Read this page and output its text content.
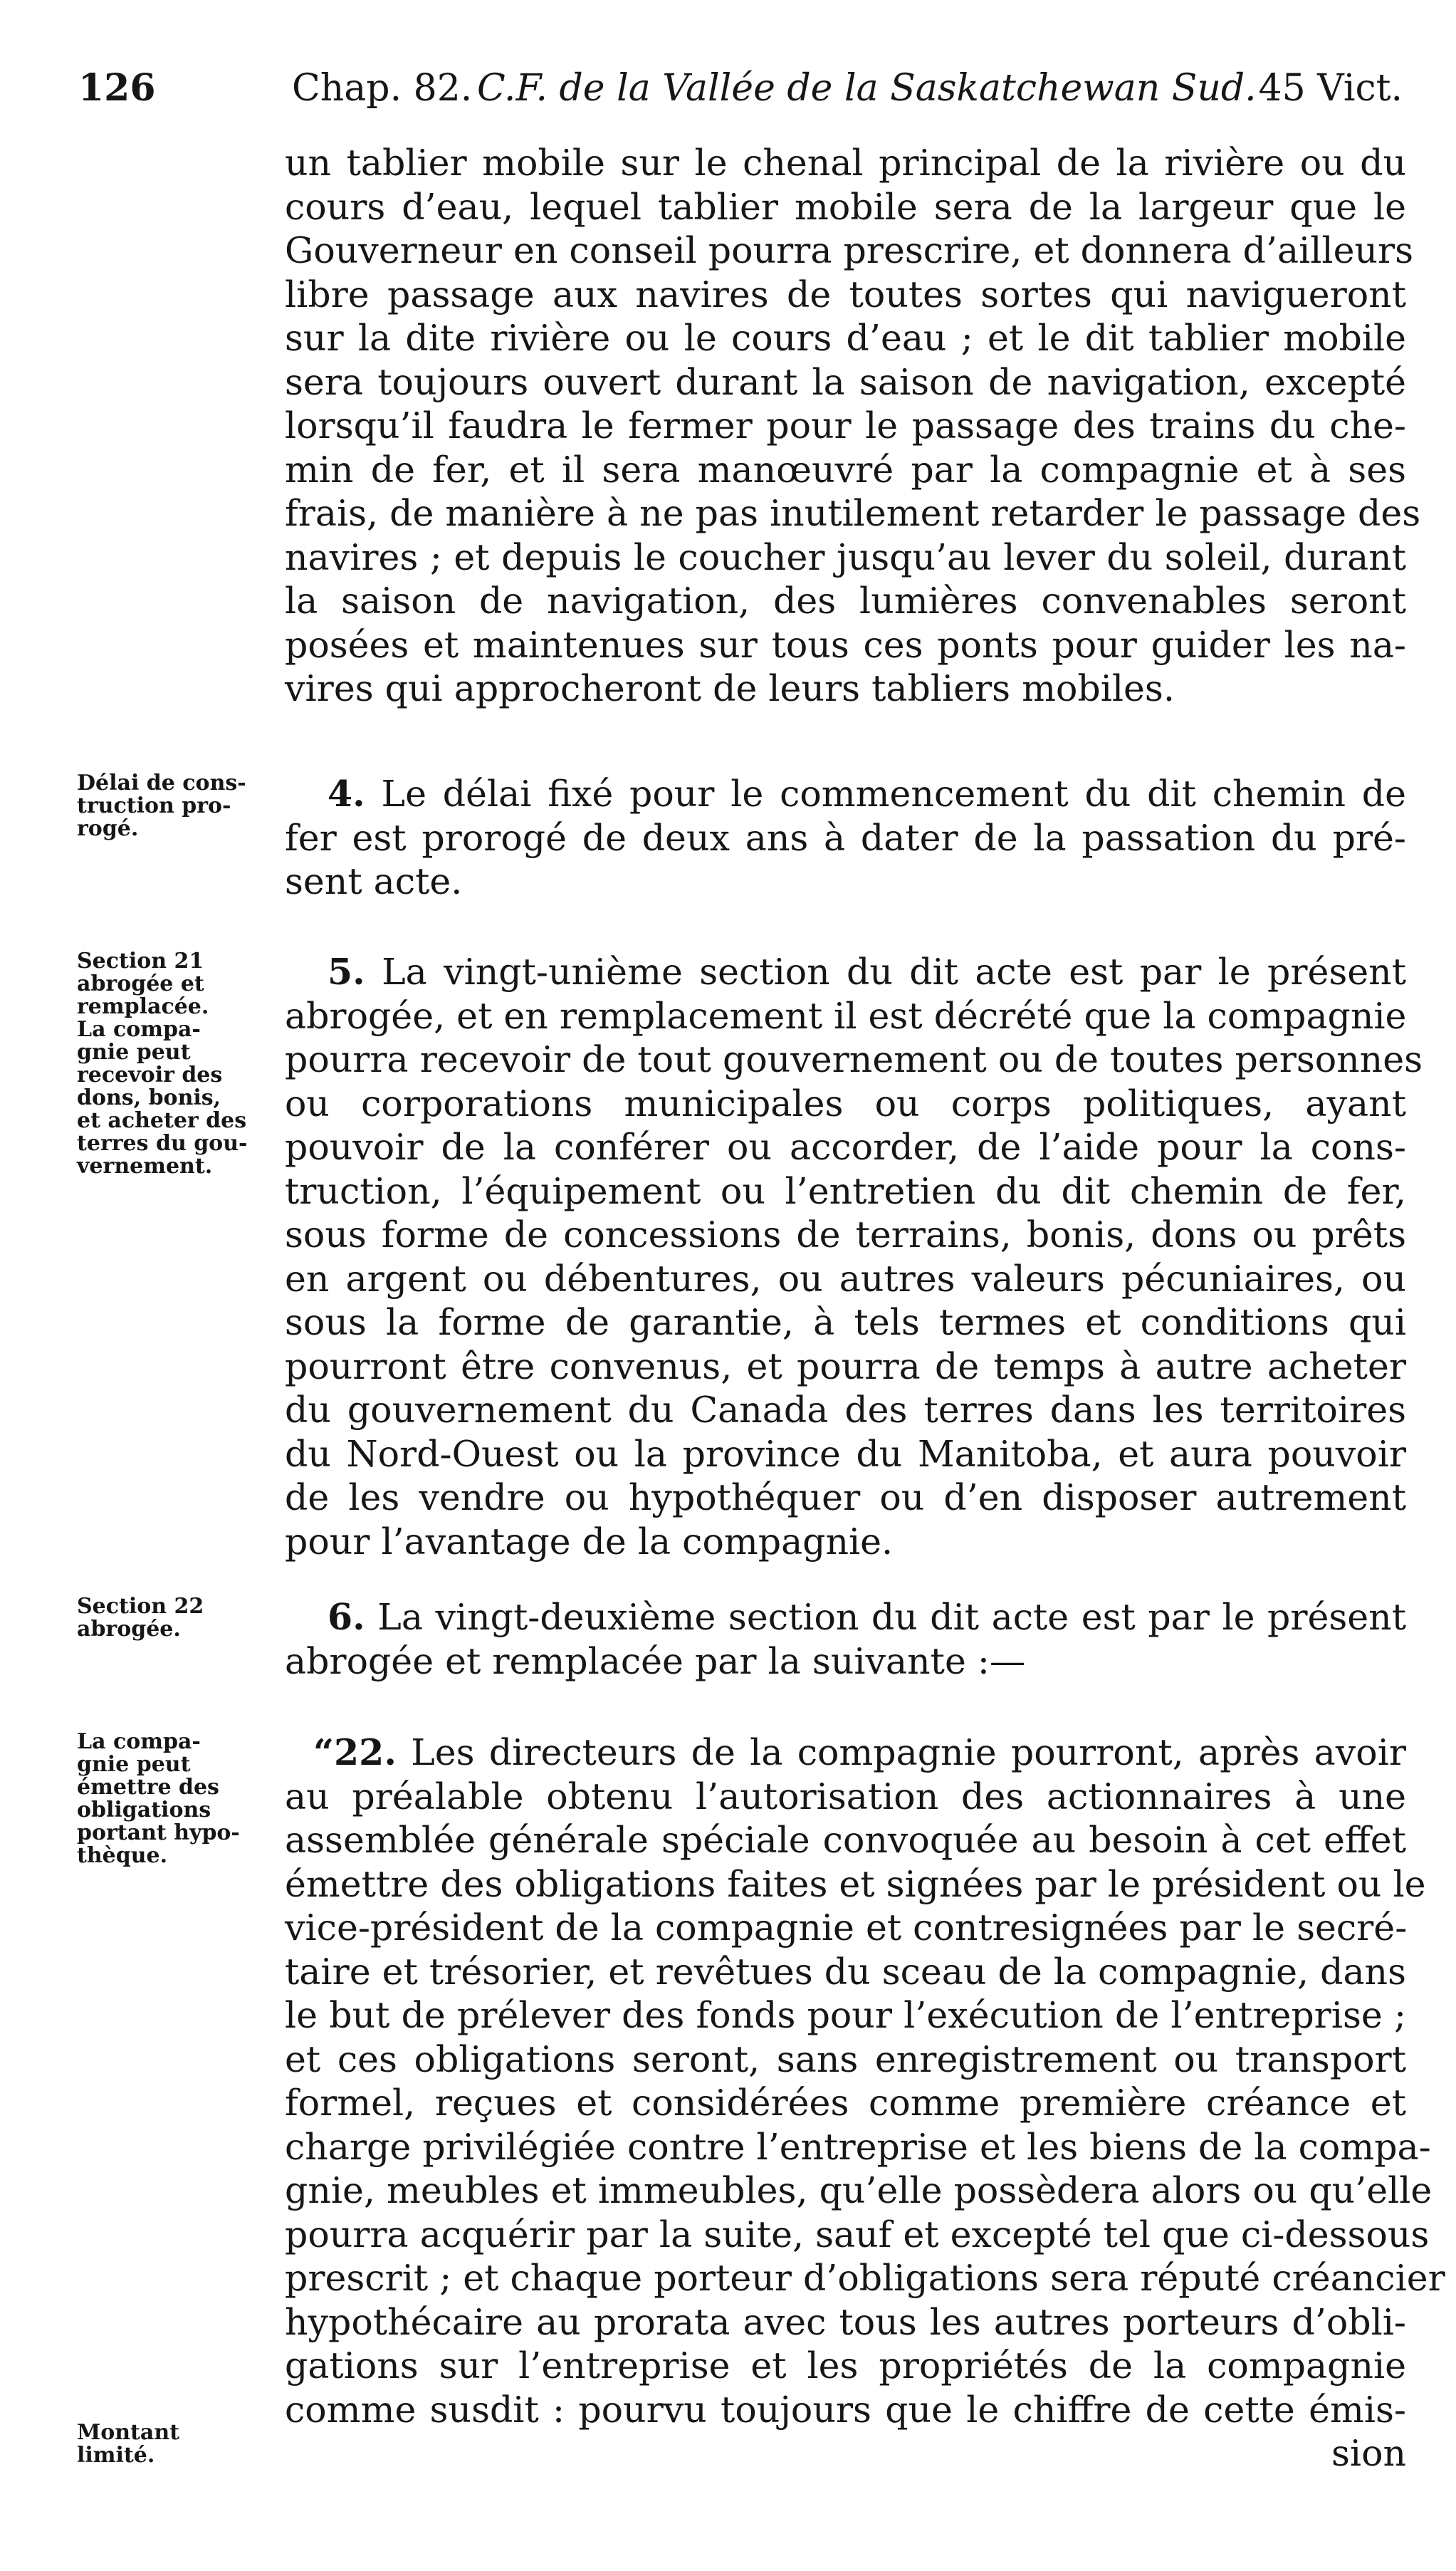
126	Chap. 82. C.F. de la Vallée de la Saskatchewan Sud. 45 Vict.
un tablier mobile sur le chenal principal de la rivière ou du
cours d’eau, lequel tablier mobile sera de la largeur que le
Gouverneur en conseil pourra prescrire, et donnera d’ailleurs
libre passage aux navires de toutes sortes qui navigueront
sur la dite rivière ou le cours d’eau ; et le dit tablier mobile
sera toujours ouvert durant la saison de navigation, excepté
lorsqu’il faudra le fermer pour le passage des trains du che-
min de fer, et il sera manœuvré par la compagnie et à ses
frais, de manière à ne pas inutilement retarder le passage des
navires ; et depuis le coucher jusqu’au lever du soleil, durant
la saison de navigation, des lumières convenables seront
posées et maintenues sur tous ces ponts pour guider les na-
vires qui approcheront de leurs tabliers mobiles.
Délai de cons-
truction pro-
rogé.
4. Le délai fixé pour le commencement du dit chemin de
fer est prorogé de deux ans à dater de la passation du pré-
sent acte.
Section 21
abrogée et
remplacée.
La compa-
gnie peut
recevoir des
dons, bonis,
et acheter des
terres du gou-
vernement.
5. La vingt-unième section du dit acte est par le présent
abrogée, et en remplacement il est décrété que la compagnie
pourra recevoir de tout gouvernement ou de toutes personnes
ou corporations municipales ou corps politiques, ayant
pouvoir de la conférer ou accorder, de l’aide pour la cons-
truction, l’équipement ou l’entretien du dit chemin de fer,
sous forme de concessions de terrains, bonis, dons ou prêts
en argent ou débentures, ou autres valeurs pécuniaires, ou
sous la forme de garantie, à tels termes et conditions qui
pourront être convenus, et pourra de temps à autre acheter
du gouvernement du Canada des terres dans les territoires
du Nord-Ouest ou la province du Manitoba, et aura pouvoir
de les vendre ou hypothéquer ou d’en disposer autrement
pour l’avantage de la compagnie.
Section 22
abrogée.	6. La vingt-deuxième section du dit acte est par le présent
abrogée et remplacée par la suivante :—
La compa-
gnie peut
émettre des
obligations
portant hypo-
thèque.
“22. Les directeurs de la compagnie pourront, après avoir
au préalable obtenu l’autorisation des actionnaires à une
assemblée générale spéciale convoquée au besoin à cet effet
émettre des obligations faites et signées par le président ou le
vice-président de la compagnie et contresignées par le secré-
taire et trésorier, et revêtues du sceau de la compagnie, dans
le but de prélever des fonds pour l’exécution de l’entreprise ;
et ces obligations seront, sans enregistrement ou transport
formel, reçues et considérées comme première créance et
charge privilégiée contre l’entreprise et les biens de la compa-
gnie, meubles et immeubles, qu’elle possèdera alors ou qu’elle
pourra acquérir par la suite, sauf et excepté tel que ci-dessous
prescrit ; et chaque porteur d’obligations sera réputé créancier
hypothécaire au prorata avec tous les autres porteurs d’obli-
gations sur l’entreprise et les propriétés de la compagnie
comme susdit : pourvu toujours que le chiffre de cette émis-
sion
Montant
limité.
